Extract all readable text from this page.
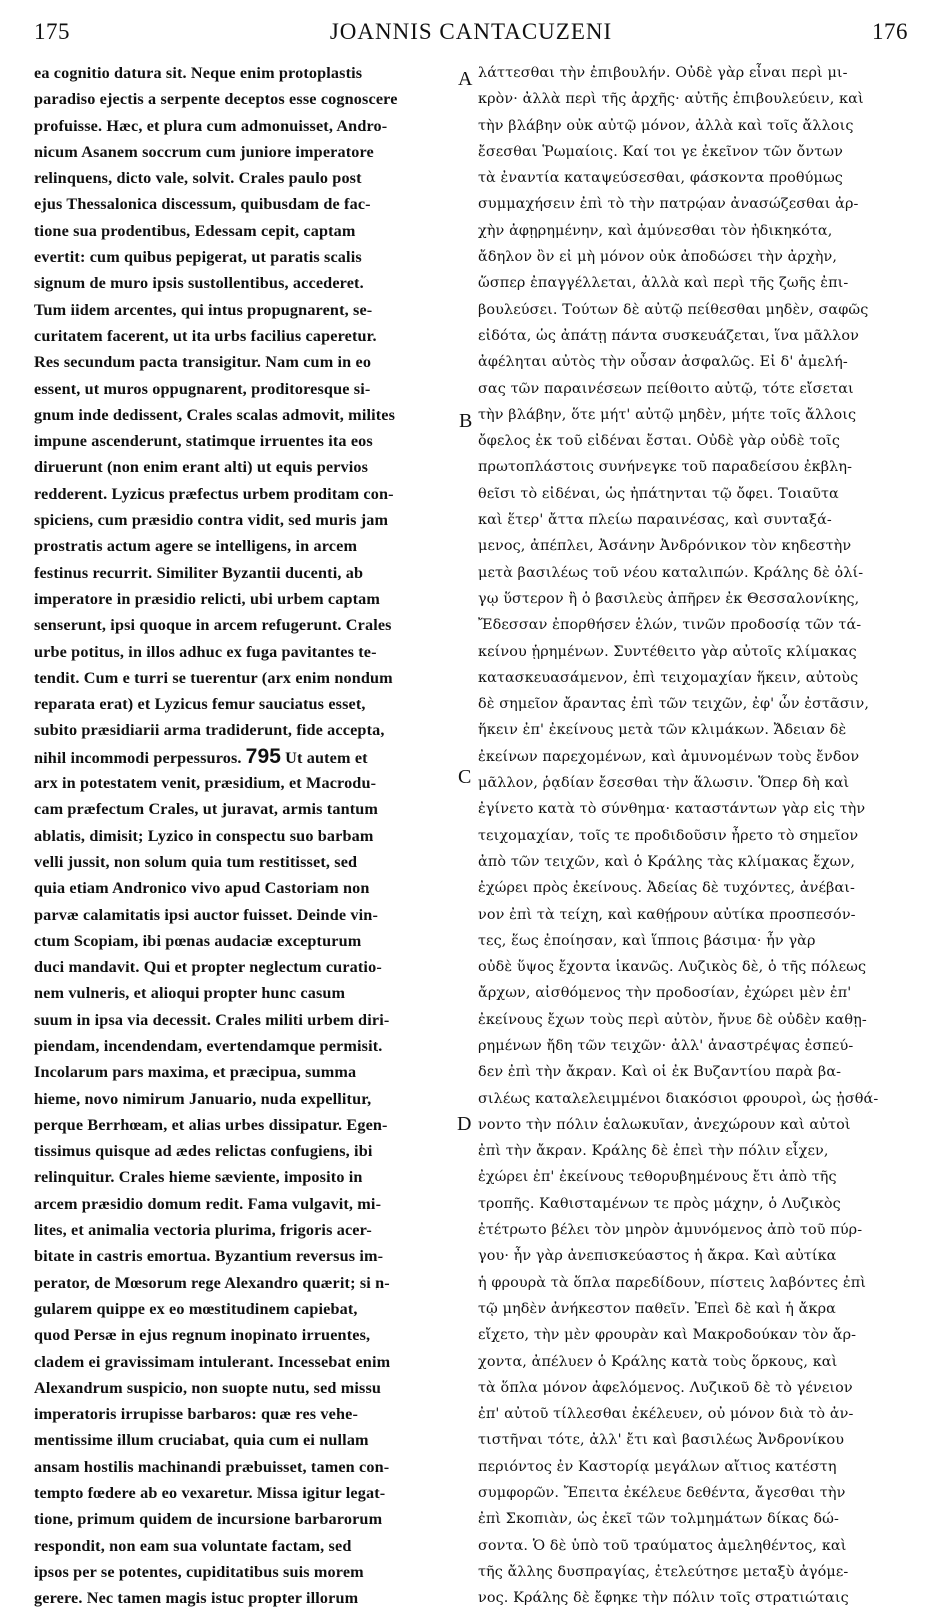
175	JOANNIS CANTACUZENI	176
ea cognitio datura sit. Neque enim protoplastis
paradiso ejectis a serpente deceptos esse cognoscere
profuisse. Hæc, et plura cum admonuisset, Andro-
nicum Asanem soccrum cum juniore imperatore
relinquens, dicto vale, solvit. Crales paulo post
ejus Thessalonica discessum, quibusdam de fac-
tione sua prodentibus, Edessam cepit, captam
evertit: cum quibus pepigerat, ut paratis scalis
signum de muro ipsis sustollentibus, accederet.
Tum iidem arcentes, qui intus propugnarent, se-
curitatem facerent, ut ita urbs facilius caperetur.
Res secundum pacta transigitur. Nam cum in eo
essent, ut muros oppugnarent, proditoresque si-
gnum inde dedissent, Crales scalas admovit, milites
impune ascenderunt, statimque irruentes ita eos
diruerunt (non enim erant alti) ut equis pervios
redderent. Lyzicus præfectus urbem proditam con-
spiciens, cum præsidio contra vidit, sed muris jam
prostratis actum agere se intelligens, in arcem
festinus recurrit. Similiter Byzantii ducenti, ab
imperatore in præsidio relicti, ubi urbem captam
senserunt, ipsi quoque in arcem refugerunt. Crales
urbe potitus, in illos adhuc ex fuga pavitantes te-
tendit. Cum e turri se tuerentur (arx enim nondum
reparata erat) et Lyzicus femur sauciatus esset,
subito præsidiarii arma tradiderunt, fide accepta,
nihil incommodi perpessuros. 795 Ut autem et
arx in potestatem venit, præsidium, et Macrodu-
cam præfectum Crales, ut juravat, armis tantum
ablatis, dimisit; Lyzico in conspectu suo barbam
velli jussit, non solum quia tum restitisset, sed
quia etiam Andronico vivo apud Castoriam non
parvæ calamitatis ipsi auctor fuisset. Deinde vin-
ctum Scopiam, ibi pœnas audaciæ excepturum
duci mandavit. Qui et propter neglectum curatio-
nem vulneris, et alioqui propter hunc casum
suum in ipsa via decessit. Crales militi urbem diri-
piendam, incendendam, evertendamque permisit.
Incolarum pars maxima, et præcipua, summa
hieme, novo nimirum Januario, nuda expellitur,
perque Berrhœam, et alias urbes dissipatur. Egen-
tissimus quisque ad ædes relictas confugiens, ibi
relinquitur. Crales hieme sæviente, imposito in
arcem præsidio domum redit. Fama vulgavit, mi-
lites, et animalia vectoria plurima, frigoris acer-
bitate in castris emortua. Byzantium reversus im-
perator, de Mœsorum rege Alexandro quærit; si n-
gularem quippe ex eo mœstitudinem capiebat,
quod Persæ in ejus regnum inopinato irruentes,
cladem ei gravissimam intulerant. Incessebat enim
Alexandrum suspicio, non suopte nutu, sed missu
imperatoris irrupisse barbaros: quæ res vehe-
mentissime illum cruciabat, quia cum ei nullam
ansam hostilis machinandi præbuisset, tamen con-
tempto fœdere ab eo vexaretur. Missa igitur legat-
tione, primum quidem de incursione barbarorum
respondit, non eam sua voluntate factam, sed
ipsos per se potentes, cupiditatibus suis morem
gerere. Nec tamen magis istuc propter illorum
A
B
C
D
λάττεσθαι τὴν ἐπιβουλήν. Οὐδὲ γὰρ εἶναι περὶ μι-
κρὸν· ἀλλὰ περὶ τῆς ἀρχῆς· αὐτῆς ἐπιβουλεύειν, καὶ
τὴν βλάβην οὐκ αὐτῷ μόνον, ἀλλὰ καὶ τοῖς ἄλλοις
ἔσεσθαι Ῥωμαίοις. Καί τοι γε ἐκεῖνον τῶν ὄντων
τὰ ἐναντία καταψεύσεσθαι, φάσκοντα προθύμως
συμμαχήσειν ἐπὶ τὸ τὴν πατρῴαν ἀνασώζεσθαι ἀρ-
χὴν ἀφῃρημένην, καὶ ἀμύνεσθαι τὸν ἠδικηκότα,
ἄδηλον ὂν εἰ μὴ μόνον οὐκ ἀποδώσει τὴν ἀρχὴν,
ὥσπερ ἐπαγγέλλεται, ἀλλὰ καὶ περὶ τῆς ζωῆς ἐπι-
βουλεύσει. Τούτων δὲ αὐτῷ πείθεσθαι μηδὲν, σαφῶς
εἰδότα, ὡς ἀπάτῃ πάντα συσκευάζεται, ἵνα μᾶλλον
ἀφέληται αὐτὸς τὴν οὖσαν ἀσφαλῶς. Εἰ δ' ἀμελή-
σας τῶν παραινέσεων πείθοιτο αὐτῷ, τότε εἴσεται
τὴν βλάβην, ὅτε μήτ' αὐτῷ μηδὲν, μήτε τοῖς ἄλλοις
ὄφελος ἐκ τοῦ εἰδέναι ἔσται. Οὐδὲ γὰρ οὐδὲ τοῖς
πρωτοπλάστοις συνήνεγκε τοῦ παραδείσου ἐκβλη-
θεῖσι τὸ εἰδέναι, ὡς ἠπάτηνται τῷ ὄφει. Τοιαῦτα
καὶ ἕτερ' ἄττα πλείω παραινέσας, καὶ συνταξά-
μενος, ἀπέπλει, Ἀσάνην Ἀνδρόνικον τὸν κηδεστὴν
μετὰ βασιλέως τοῦ νέου καταλιπών. Κράλης δὲ ὀλί-
γῳ ὕστερον ἢ ὁ βασιλεὺς ἀπῆρεν ἐκ Θεσσαλονίκης,
Ἔδεσσαν ἐπορθήσεν ἑλών, τινῶν προδοσίᾳ τῶν τά-
κείνου ᾑρημένων. Συντέθειτο γὰρ αὐτοῖς κλίμακας
κατασκευασάμενον, ἐπὶ τειχομαχίαν ἥκειν, αὐτοὺς
δὲ σημεῖον ἄραντας ἐπὶ τῶν τειχῶν, ἐφ' ὧν ἐστᾶσιν,
ἥκειν ἐπ' ἐκείνους μετὰ τῶν κλιμάκων. Ἄδειαν δὲ
ἐκείνων παρεχομένων, καὶ ἀμυνομένων τοὺς ἔνδον
μᾶλλον, ῥᾳδίαν ἔσεσθαι τὴν ἅλωσιν. Ὅπερ δὴ καὶ
ἐγίνετο κατὰ τὸ σύνθημα· καταστάντων γὰρ εἰς τὴν
τειχομαχίαν, τοῖς τε προδιδοῦσιν ἦρετο τὸ σημεῖον
ἀπὸ τῶν τειχῶν, καὶ ὁ Κράλης τὰς κλίμακας ἔχων,
ἐχώρει πρὸς ἐκείνους. Ἀδείας δὲ τυχόντες, ἀνέβαι-
νον ἐπὶ τὰ τείχη, καὶ καθῄρουν αὐτίκα προσπεσόν-
τες, ἕως ἐποίησαν, καὶ ἵπποις βάσιμα· ἦν γὰρ
οὐδὲ ὕψος ἔχοντα ἱκανῶς. Λυζικὸς δὲ, ὁ τῆς πόλεως
ἄρχων, αἰσθόμενος τὴν προδοσίαν, ἐχώρει μὲν ἐπ'
ἐκείνους ἔχων τοὺς περὶ αὐτὸν, ἤνυε δὲ οὐδὲν καθῃ-
ρημένων ἤδη τῶν τειχῶν· ἀλλ' ἀναστρέψας ἐσπεύ-
δεν ἐπὶ τὴν ἄκραν. Καὶ οἱ ἐκ Βυζαντίου παρὰ βα-
σιλέως καταλελειμμένοι διακόσιοι φρουροὶ, ὡς ᾐσθά-
νοντο τὴν πόλιν ἑαλωκυῖαν, ἀνεχώρουν καὶ αὐτοὶ
ἐπὶ τὴν ἄκραν. Κράλης δὲ ἐπεὶ τὴν πόλιν εἶχεν,
ἐχώρει ἐπ' ἐκείνους τεθορυβημένους ἔτι ἀπὸ τῆς
τροπῆς. Καθισταμένων τε πρὸς μάχην, ὁ Λυζικὸς
ἐτέτρωτο βέλει τὸν μηρὸν ἀμυνόμενος ἀπὸ τοῦ πύρ-
γου· ἦν γὰρ ἀνεπισκεύαστος ἡ ἄκρα. Καὶ αὐτίκα
ἡ φρουρὰ τὰ ὅπλα παρεδίδουν, πίστεις λαβόντες ἐπὶ
τῷ μηδὲν ἀνήκεστον παθεῖν. Ἐπεὶ δὲ καὶ ἡ ἄκρα
εἴχετο, τὴν μὲν φρουρὰν καὶ Μακροδούκαν τὸν ἄρ-
χοντα, ἀπέλυεν ὁ Κράλης κατὰ τοὺς ὅρκους, καὶ
τὰ ὅπλα μόνον ἀφελόμενος. Λυζικοῦ δὲ τὸ γένειον
ἐπ' αὐτοῦ τίλλεσθαι ἐκέλευεν, οὐ μόνον διὰ τὸ ἀν-
τιστῆναι τότε, ἀλλ' ἔτι καὶ βασιλέως Ἀνδρονίκου
περιόντος ἐν Καστορίᾳ μεγάλων αἴτιος κατέστη
συμφορῶν. Ἔπειτα ἐκέλευε δεθέντα, ἄγεσθαι τὴν
ἐπὶ Σκοπιὰν, ὡς ἐκεῖ τῶν τολμημάτων δίκας δώ-
σοντα. Ὁ δὲ ὑπὸ τοῦ τραύματος ἀμεληθέντος, καὶ
τῆς ἄλλης δυσπραγίας, ἐτελεύτησε μεταξὺ ἀγόμε-
νος. Κράλης δὲ ἔφηκε τὴν πόλιν τοῖς στρατιώταις
